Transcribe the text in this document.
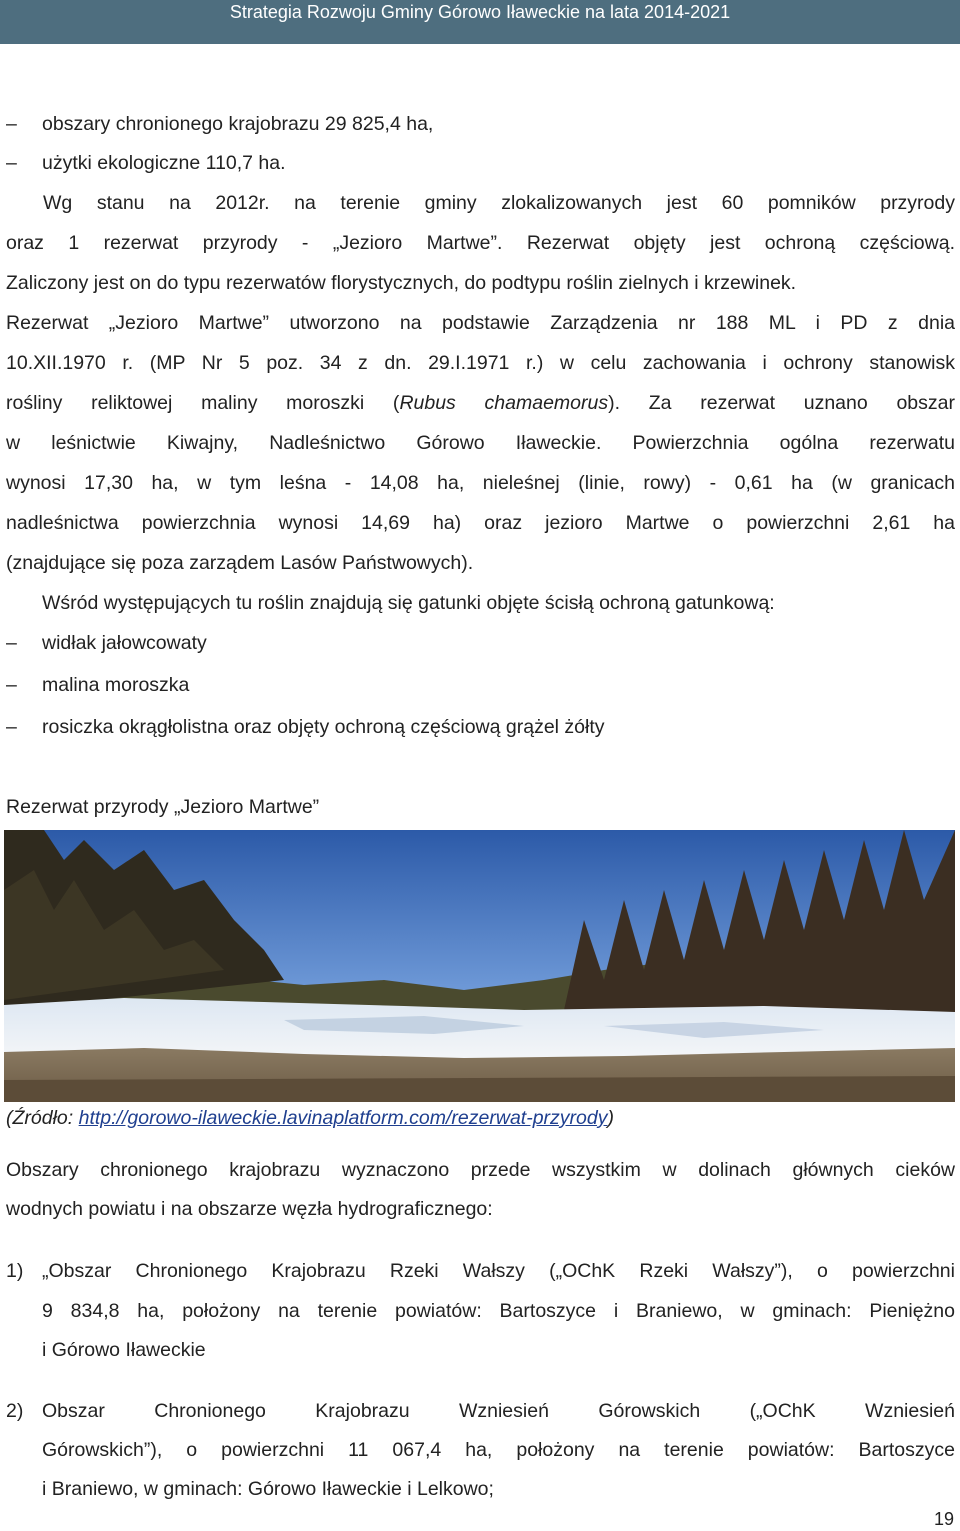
Strategia Rozwoju Gminy Górowo Iławeckie na lata 2014-2021
– obszary chronionego krajobrazu 29 825,4 ha,
– użytki ekologiczne 110,7 ha.
Wg stanu na 2012r. na terenie gminy zlokalizowanych jest 60 pomników przyrody
oraz 1 rezerwat przyrody - „Jezioro Martwe”. Rezerwat objęty jest ochroną częściową.
Zaliczony jest on do typu rezerwatów florystycznych, do podtypu roślin zielnych i krzewinek.
Rezerwat „Jezioro Martwe” utworzono na podstawie Zarządzenia nr 188 ML i PD z dnia
10.XII.1970 r. (MP Nr 5 poz. 34 z dn. 29.I.1971 r.) w celu zachowania i ochrony stanowisk
rośliny reliktowej maliny moroszki (Rubus chamaemorus). Za rezerwat uznano obszar
w leśnictwie Kiwajny, Nadleśnictwo Górowo Iławeckie. Powierzchnia ogólna rezerwatu
wynosi 17,30 ha, w tym leśna - 14,08 ha, nieleśnej (linie, rowy) - 0,61 ha (w granicach
nadleśnictwa powierzchnia wynosi 14,69 ha) oraz jezioro Martwe o powierzchni 2,61 ha
(znajdujące się poza zarządem Lasów Państwowych).
Wśród występujących tu roślin znajdują się gatunki objęte ścisłą ochroną gatunkową:
– widłak jałowcowaty
– malina moroszka
– rosiczka okrągłolistna oraz objęty ochroną częściową grążel żółty
Rezerwat przyrody „Jezioro Martwe”
(Źródło: http://gorowo-ilaweckie.lavinaplatform.com/rezerwat-przyrody)
Obszary chronionego krajobrazu wyznaczono przede wszystkim w dolinach głównych cieków
wodnych powiatu i na obszarze węzła hydrograficznego:
1) „Obszar Chronionego Krajobrazu Rzeki Wałszy („OChK Rzeki Wałszy”), o powierzchni
9 834,8 ha, położony na terenie powiatów: Bartoszyce i Braniewo, w gminach: Pieniężno
i Górowo Iławeckie
2) Obszar Chronionego Krajobrazu Wzniesień Górowskich („OChK Wzniesień
Górowskich”), o powierzchni 11 067,4 ha, położony na terenie powiatów: Bartoszyce
i Braniewo, w gminach: Górowo Iławeckie i Lelkowo;
19
